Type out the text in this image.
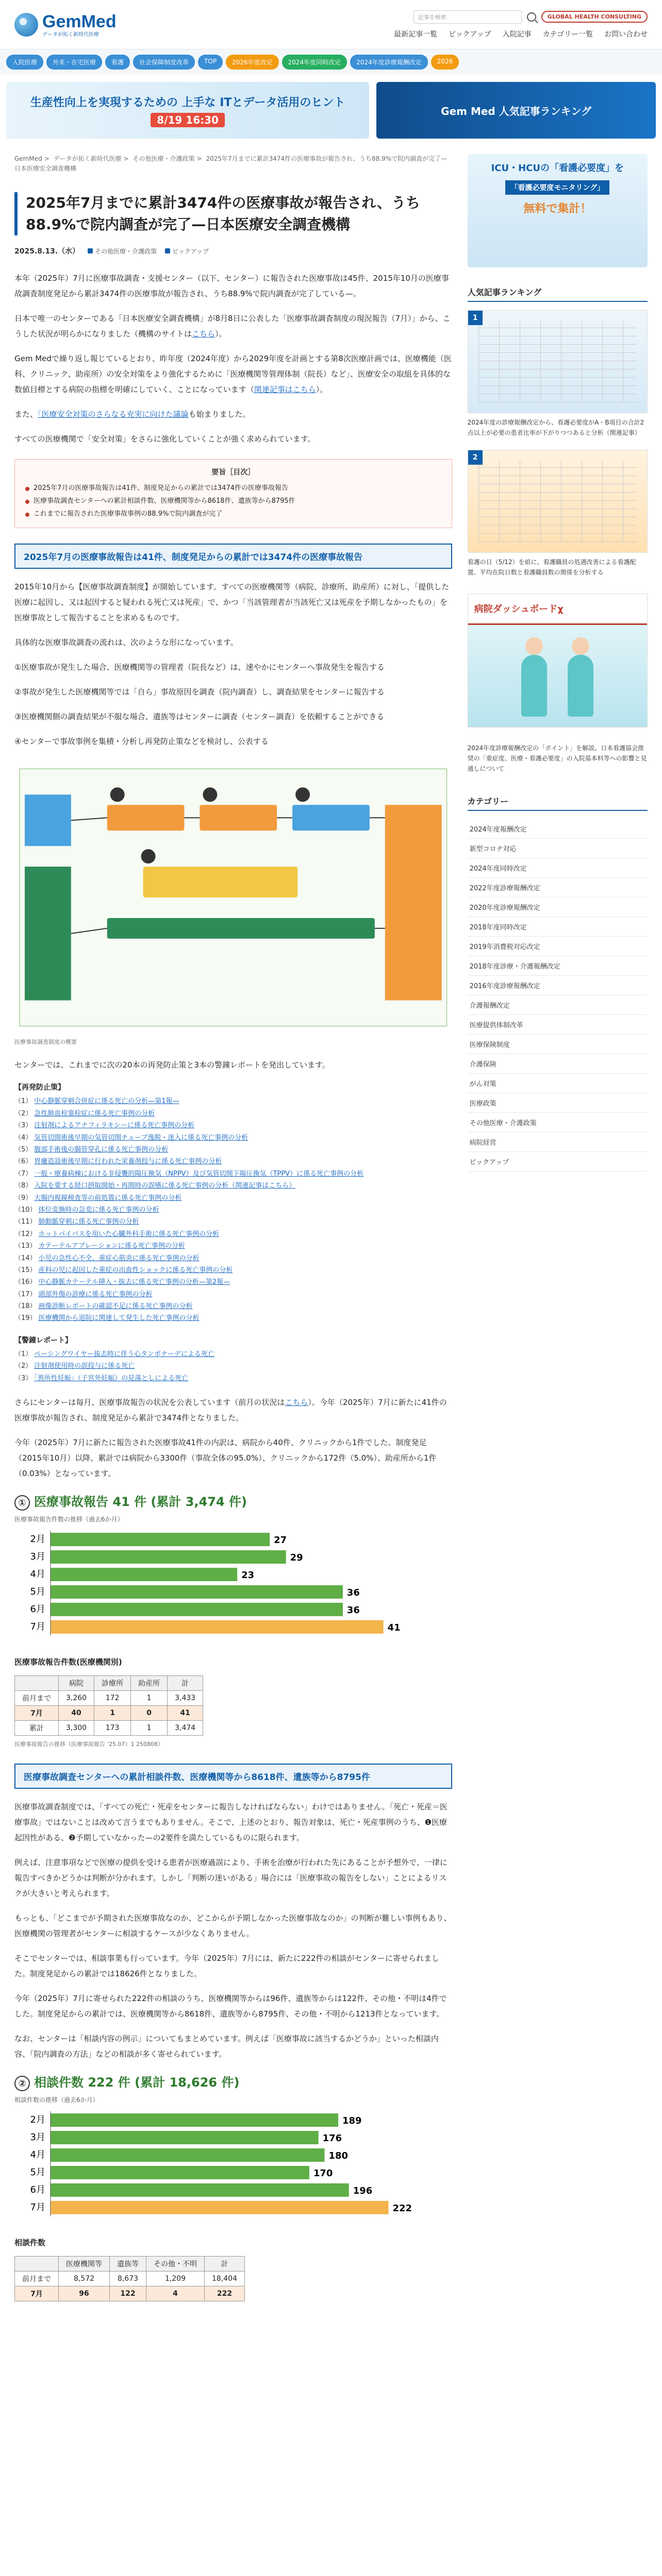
GemMed
データが拓く新時代医療
記事を検索	GLOBAL HEALTH CONSULTING
最新記事一覧 ピックアップ 入院記事 カテゴリー一覧 お問い合わせ
入院医療	外来・在宅医療	看護	社会保障制度改革	TOP	2026年度改定	2024年度同時改定	2024年度診療報酬改定	2026
生産性向上を実現するための 上手な ITとデータ活用のヒント
8/19 16:30
Gem Med 人気記事ランキング
GemMed > データが拓く新時代医療 > その他医療・介護政策 > 2025年7月までに累計3474件の医療事故が報告され、うち88.9%で院内調査が完了—日本医療安全調査機構
2025年7月までに累計3474件の医療事故が報告され、うち88.9%で院内調査が完了—日本医療安全調査機構
2025.8.13.（水）	その他医療・介護政策	ピックアップ

本年（2025年）7月に医療事故調査・支援センター（以下、センター）に報告された医療事故は45件、2015年10月の医療事故調査制度発足から累計3474件の医療事故が報告され、うち88.9%で院内調査が完了している—。

日本で唯一のセンターである「日本医療安全調査機構」が8月8日に公表した「医療事故調査制度の現況報告（7月）」から、こうした状況が明らかになりました（機構のサイトはこちら）。

Gem Medで繰り返し報じているとおり、昨年度（2024年度）から2029年度を計画とする第8次医療計画では、医療機能（医科、クリニック、助産所）の安全対策をより強化するために「医療機関等管理体制（院長）など」、医療安全の取組を具体的な数値目標とする病院の指標を明確にしていく、ことになっています（関連記事はこちら）。

また、「医療安全対策のさらなる充実に向けた議論も始まりました。

すべての医療機関で「安全対策」をさらに強化していくことが強く求められています。

要旨［目次］
2025年7月の医療事故報告は41件、制度発足からの累計では3474件の医療事故報告
医療事故調査センターへの累計相談件数、医療機関等から8618件、遺族等から8795件
これまでに報告された医療事故事例の88.9%で院内調査が完了
2025年7月の医療事故報告は41件、制度発足からの累計では3474件の医療事故報告

2015年10月から【医療事故調査制度】が開始しています。すべての医療機関等（病院、診療所、助産所）に対し、「提供した医療に起因し、又は起因すると疑われる死亡又は死産」で、かつ「当該管理者が当該死亡又は死産を予期しなかったもの」を医療事故として報告することを求めるものです。

具体的な医療事故調査の流れは、次のような形になっています。

①医療事故が発生した場合、医療機関等の管理者（院長など）は、速やかにセンターへ事故発生を報告する

②事故が発生した医療機関等では「自ら」事故原因を調査（院内調査）し、調査結果をセンターに報告する

③医療機関側の調査結果が不服な場合、遺族等はセンターに調査（センター調査）を依頼することができる

④センターで事故事例を集積・分析し再発防止策などを検討し、公表する

医療事故調査制度の概要

センターでは、これまでに次の20本の再発防止策と3本の警鐘レポートを発出しています。

【再発防止策】
（1） 中心静脈穿刺合併症に係る死亡の分析—第1報—
（2） 急性肺血栓塞栓症に係る死亡事例の分析
（3） 注射剤によるアナフィラキシーに係る死亡事例の分析
（4） 気管切開術後早期の気管切開チューブ逸脱・迷入に係る死亡事例の分析
（5） 腹部手術後の腸管穿孔に係る死亡事例の分析
（6） 胃瘻造設術後早期に行われた栄養剤投与に係る死亡事例の分析
（7） 一般・療養病棟における非侵襲的陽圧換気（NPPV）及び気管切開下陽圧換気（TPPV）に係る死亡事例の分析
（8） 入院を要する経口摂取開始・再開時の誤嚥に係る死亡事例の分析（関連記事はこちら）
（9） 大腸内視鏡検査等の前処置に係る死亡事例の分析
（10） 体位変換時の急変に係る死亡事例の分析
（11） 肺動脈穿刺に係る死亡事例の分析
（12） ホットバイパスを用いた心臓外科手術に係る死亡事例の分析
（13） カテーテルアブレーションに係る死亡事例の分析
（14） 小児の急性心不全、重症心筋炎に係る死亡事例の分析
（15） 産科の児に起因した重症の出血性ショックに係る死亡事例の分析
（16） 中心静脈カテーテル挿入・抜去に係る死亡事例の分析—第2報—
（17） 頭部外傷の診療に係る死亡事例の分析
（18） 画像診断レポートの確認不足に係る死亡事例の分析
（19） 医療機関から退院に関連して発生した死亡事例の分析
【警鐘レポート】
（1） ペーシングワイヤー抜去時に伴う心タンポナーデによる死亡
（2） 注射剤使用時の誤投与に係る死亡
（3） 「異所性妊娠」（子宮外妊娠）の見落としによる死亡

さらにセンターは毎月、医療事故報告の状況を公表しています（前月の状況はこちら）。今年（2025年）7月に新たに41件の医療事故が報告され、制度発足から累計で3474件となりました。

今年（2025年）7月に新たに報告された医療事故41件の内訳は、病院から40件、クリニックから1件でした。制度発足（2015年10月）以降、累計では病院から3300件（事故全体の95.0%）、クリニックから172件（5.0%）、助産所から1件（0.03%）となっています。

① 医療事故報告 41 件 (累計 3,474 件)
医療事故報告件数の推移（過去6か月）
2月	27
3月	29
4月	23
5月	36
6月	36
7月	41
医療事故報告件数(医療機関別)
	病院	診療所	助産所	計
前月まで	3,260	172	1	3,433
7月	40	1	0	41
累計	3,300	173	1	3,474
医療事故報告の推移（医療事故報告 ’25.07）1 250808）
医療事故調査センターへの累計相談件数、医療機関等から8618件、遺族等から8795件

医療事故調査制度では、「すべての死亡・死産をセンターに報告しなければならない」わけではありません。「死亡・死産＝医療事故」ではないことは改めて言うまでもありません。そこで、上述のとおり、報告対象は、死亡・死産事例のうち、❶医療起因性がある、❷予期していなかった—の2要件を満たしているものに限られます。

例えば、注意事項などで医療の提供を受ける患者が医療過誤により、手術を治療が行われた先にあることが予想外で、一律に報告すべきかどうかは判断が分かれます。しかし「判断の迷いがある」場合には「医療事故の報告をしない」ことによるリスクが大きいと考えられます。

もっとも、「どこまでが予期された医療事故なのか、どこからが予期しなかった医療事故なのか」の判断が難しい事例もあり、医療機関の管理者がセンターに相談するケースが少なくありません。

そこでセンターでは、相談事業も行っています。今年（2025年）7月には、新たに222件の相談がセンターに寄せられました。制度発足からの累計では18626件となりました。

今年（2025年）7月に寄せられた222件の相談のうち、医療機関等からは96件、遺族等からは122件、その他・不明は4件でした。制度発足からの累計では、医療機関等から8618件、遺族等から8795件、その他・不明から1213件となっています。

なお、センターは「相談内容の例示」についてもまとめています。例えば「医療事故に該当するかどうか」といった相談内容、「院内調査の方法」などの相談が多く寄せられています。

② 相談件数 222 件 (累計 18,626 件)
相談件数の推移（過去6か月）
2月	189
3月	176
4月	180
5月	170
6月	196
7月	222
相談件数
	医療機関等	遺族等	その他・不明	計
前月まで	8,572	8,673	1,209	18,404
7月	96	122	4	222
ICU・HCUの「看護必要度」を
「看護必要度モニタリング」
無料で集計！
人気記事ランキング
1
2024年度の診療報酬改定から、看護必要度がA・B項目の合計2点以上が必要の患者比率が下がりつつあると分析（関連記事）
2
看護の日（5/12）を前に、看護職員の処遇改善による看護配置、平均在院日数と看護職員数の関係を分析する
病院ダッシュボードχ
2024年度診療報酬改定の「ポイント」を解説。日本看護協会推奨の「重症度、医療・看護必要度」の入院基本料等への影響と見通しについて
カテゴリー
2024年度報酬改定
新型コロナ対応
2024年度同時改定
2022年度診療報酬改定
2020年度診療報酬改定
2018年度同時改定
2019年消費税対応改定
2018年度診療・介護報酬改定
2016年度診療報酬改定
介護報酬改定
医療提供体制改革
医療保険制度
介護保険
がん対策
医療政策
その他医療・介護政策
病院経営
ピックアップ
